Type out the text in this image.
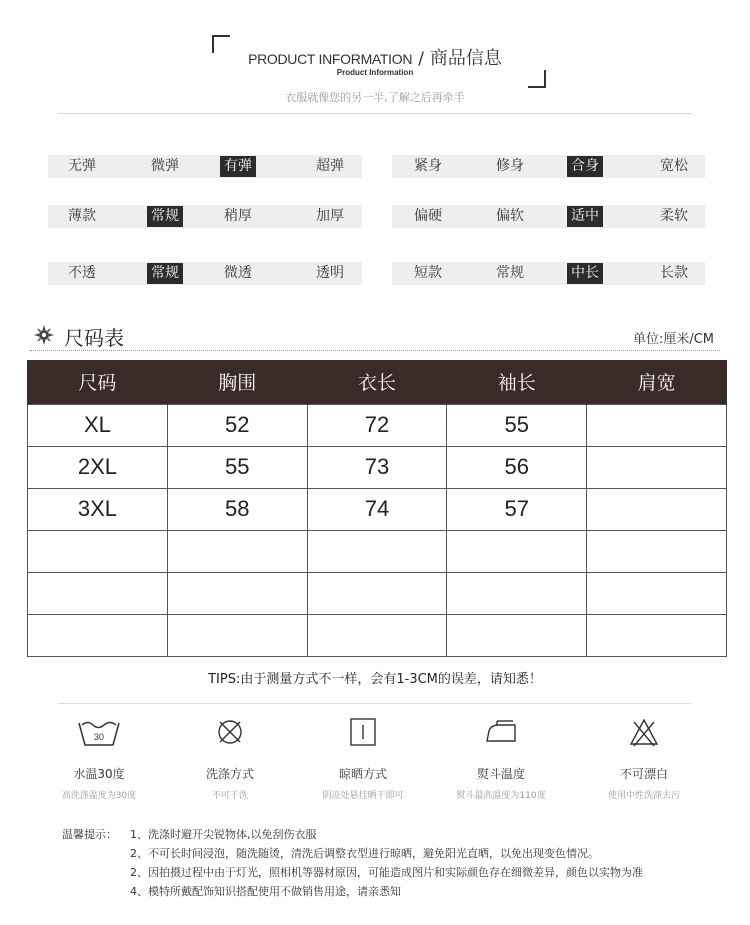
PRODUCT INFORMATION / 商品信息
Product Information
衣服就像您的另一半,了解之后再牵手
无弹	微弹	有弹	超弹
薄款	常规	稍厚	加厚
不透	常规	微透	透明
紧身	修身	合身	宽松
偏硬	偏软	适中	柔软
短款	常规	中长	长款
尺码表	单位:厘米/CM
尺码	胸围	衣长	袖长	肩宽
XL	52	72	55	
2XL	55	73	56	
3XL	58	74	57	

TIPS:由于测量方式不一样，会有1-3CM的误差，请知悉！
30
水温30度
高洗涤温度为30度
洗涤方式
不可干洗
晾晒方式
阴凉处悬挂晒干即可
熨斗温度
熨斗最高温度为110度
不可漂白
使用中性洗涤去污
温馨提示： 1、洗涤时避开尖锐物体,以免刮伤衣服
2、不可长时间浸泡，随洗随烫，清洗后调整衣型进行晾晒，避免阳光直晒，以免出现变色情况。
2、因拍摄过程中由于灯光，照相机等器材原因，可能造成图片和实际颜色存在细微差异，颜色以实物为准
4、模特所戴配饰知识搭配使用不做销售用途，请亲悉知
